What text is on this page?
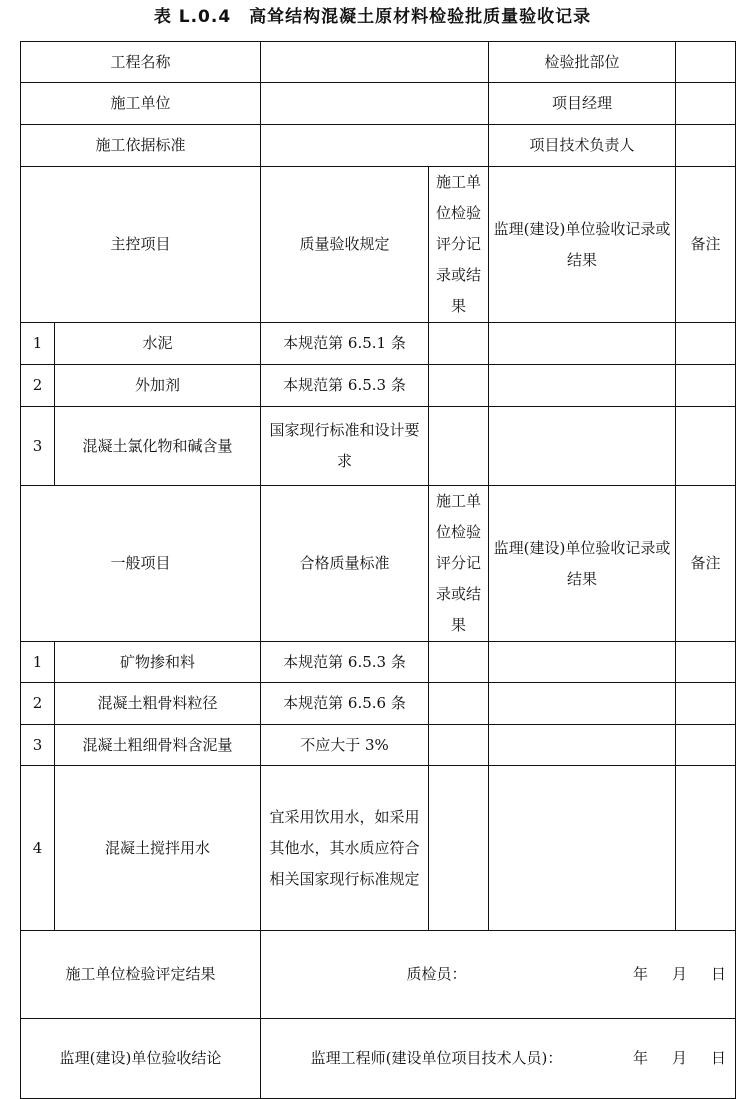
表 L.0.4 高耸结构混凝土原材料检验批质量验收记录
工程名称				检验批部位	
施工单位				项目经理	
施工依据标准				项目技术负责人	
主控项目		质量验收规定	施工单位检验评分记录或结果	监理(建设)单位验收记录或结果	备注
1	水泥	本规范第 6.5.1 条			
2	外加剂	本规范第 6.5.3 条			
3	混凝土氯化物和碱含量	国家现行标准和设计要求			
一般项目		合格质量标准	施工单位检验评分记录或结果	监理(建设)单位验收记录或结果	备注
1	矿物掺和料	本规范第 6.5.3 条			
2	混凝土粗骨料粒径	本规范第 6.5.6 条			
3	混凝土粗细骨料含泥量	不应大于 3%			
4	混凝土搅拌用水	宜采用饮用水，如采用其他水，其水质应符合相关国家现行标准规定			
施工单位检验评定结果		质检员： 年 月 日			

监理(建设)单位验收结论		监理工程师(建设单位项目技术人员)： 年 月 日			
